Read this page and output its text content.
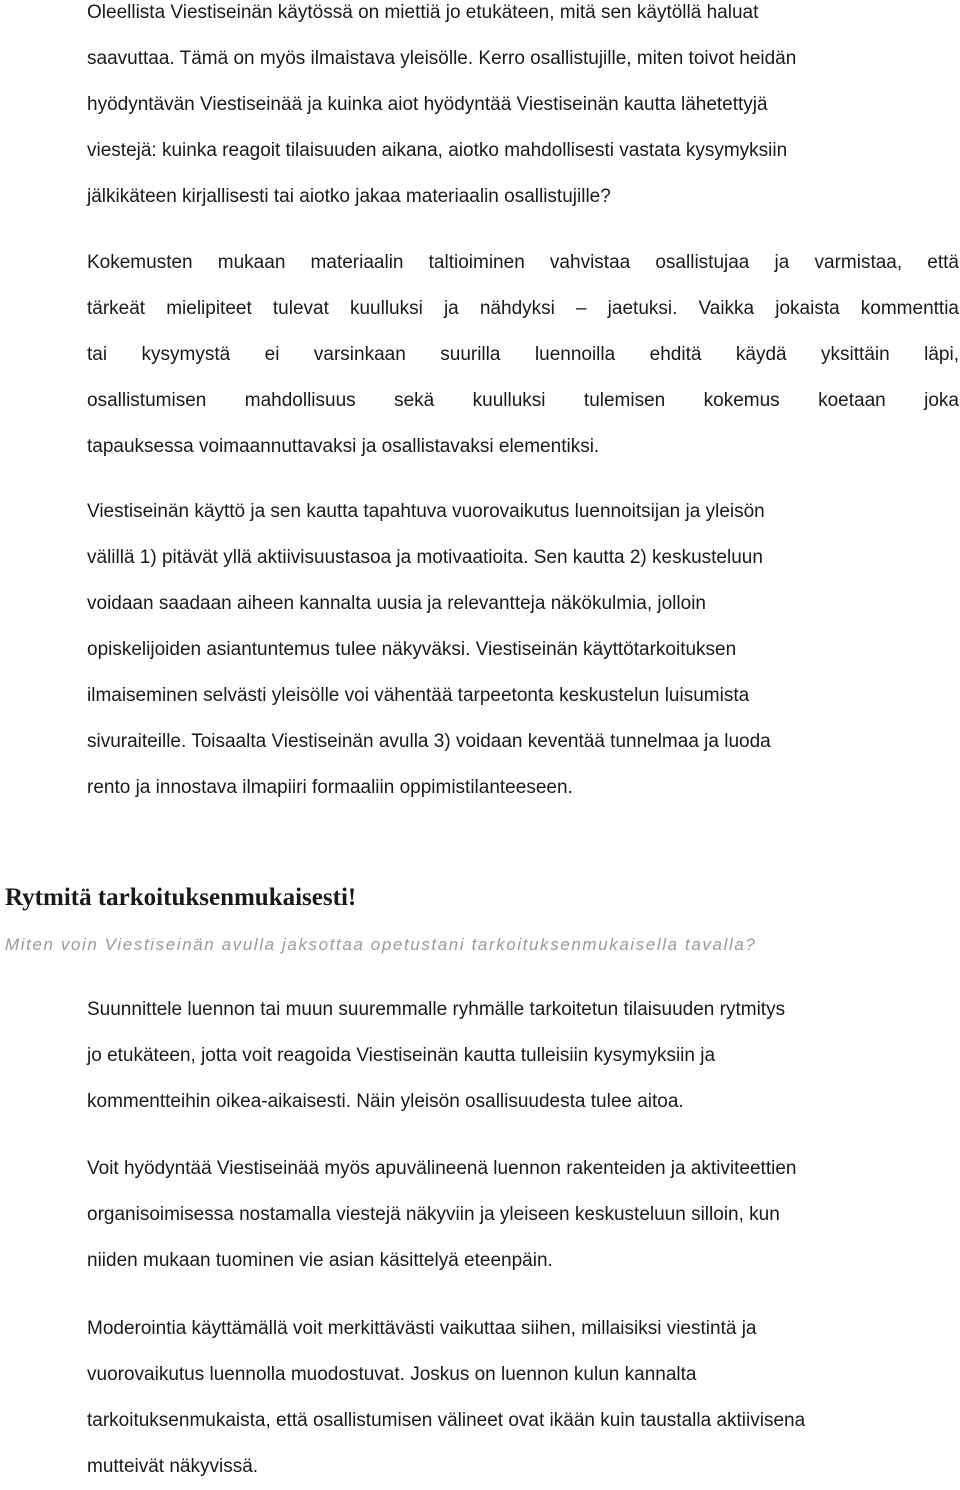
Oleellista Viestiseinän käytössä on miettiä jo etukäteen, mitä sen käytöllä haluat
saavuttaa. Tämä on myös ilmaistava yleisölle. Kerro osallistujille, miten toivot heidän
hyödyntävän Viestiseinää ja kuinka aiot hyödyntää Viestiseinän kautta lähetettyjä
viestejä: kuinka reagoit tilaisuuden aikana, aiotko mahdollisesti vastata kysymyksiin
jälkikäteen kirjallisesti tai aiotko jakaa materiaalin osallistujille?
Kokemusten mukaan materiaalin taltioiminen vahvistaa osallistujaa ja varmistaa, että
tärkeät mielipiteet tulevat kuulluksi ja nähdyksi – jaetuksi. Vaikka jokaista kommenttia
tai kysymystä ei varsinkaan suurilla luennoilla ehditä käydä yksittäin läpi,
osallistumisen mahdollisuus sekä kuulluksi tulemisen kokemus koetaan joka
tapauksessa voimaannuttavaksi ja osallistavaksi elementiksi.
Viestiseinän käyttö ja sen kautta tapahtuva vuorovaikutus luennoitsijan ja yleisön
välillä 1) pitävät yllä aktiivisuustasoa ja motivaatioita. Sen kautta 2) keskusteluun
voidaan saadaan aiheen kannalta uusia ja relevantteja näkökulmia, jolloin
opiskelijoiden asiantuntemus tulee näkyväksi. Viestiseinän käyttötarkoituksen
ilmaiseminen selvästi yleisölle voi vähentää tarpeetonta keskustelun luisumista
sivuraiteille. Toisaalta Viestiseinän avulla 3) voidaan keventää tunnelmaa ja luoda
rento ja innostava ilmapiiri formaaliin oppimistilanteeseen.
Rytmitä tarkoituksenmukaisesti!
Miten voin Viestiseinän avulla jaksottaa opetustani tarkoituksenmukaisella tavalla?
Suunnittele luennon tai muun suuremmalle ryhmälle tarkoitetun tilaisuuden rytmitys
jo etukäteen, jotta voit reagoida Viestiseinän kautta tulleisiin kysymyksiin ja
kommentteihin oikea-aikaisesti. Näin yleisön osallisuudesta tulee aitoa.
Voit hyödyntää Viestiseinää myös apuvälineenä luennon rakenteiden ja aktiviteettien
organisoimisessa nostamalla viestejä näkyviin ja yleiseen keskusteluun silloin, kun
niiden mukaan tuominen vie asian käsittelyä eteenpäin.
Moderointia käyttämällä voit merkittävästi vaikuttaa siihen, millaisiksi viestintä ja
vuorovaikutus luennolla muodostuvat. Joskus on luennon kulun kannalta
tarkoituksenmukaista, että osallistumisen välineet ovat ikään kuin taustalla aktiivisena
mutteivät näkyvissä.
